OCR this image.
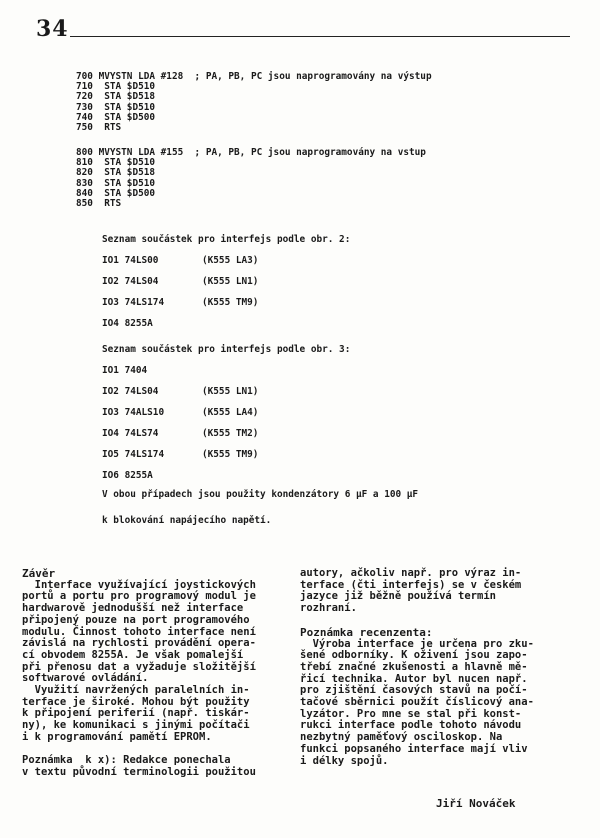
34
700 MVYSTN LDA #128  ; PA, PB, PC jsou naprogramovány na výstup
710  STA $D510
720  STA $D518
730  STA $D510
740  STA $D500
750  RTS
800 MVYSTN LDA #155  ; PA, PB, PC jsou naprogramovány na vstup
810  STA $D510
820  STA $D518
830  STA $D510
840  STA $D500
850  RTS
Seznam součástek pro interfejs podle obr. 2:
IO1 74LS00	(K555 LA3)
IO2 74LS04	(K555 LN1)
IO3 74LS174	(K555 TM9)
IO4 8255A
Seznam součástek pro interfejs podle obr. 3:
IO1 7404
IO2 74LS04	(K555 LN1)
IO3 74ALS10	(K555 LA4)
IO4 74LS74	(K555 TM2)
IO5 74LS174	(K555 TM9)
IO6 8255A
V obou případech jsou použity kondenzátory 6 µF a 100 µF
k blokování napájecího napětí.
Závěr
Interface využívající joystickových
portů a portu pro programový modul je
hardwarově jednodušší než interface
připojený pouze na port programového
modulu. Činnost tohoto interface není
závislá na rychlosti provádění opera-
cí obvodem 8255A. Je však pomalejší
při přenosu dat a vyžaduje složitější
softwarové ovládání.
Využití navržených paralelních in-
terface je široké. Mohou být použity
k připojení periferií (např. tiskár-
ny), ke komunikaci s jinými počítači
i k programování pamětí EPROM.

Poznámka  k x): Redakce ponechala
v textu původní terminologii použitou
autory, ačkoliv např. pro výraz in-
terface (čti interfejs) se v českém
jazyce již běžně používá termín
rozhraní.
Poznámka recenzenta:
Výroba interface je určena pro zku-
šené odborníky. K oživení jsou zapo-
třebí značné zkušenosti a hlavně mě-
řicí technika. Autor byl nucen např.
pro zjištění časových stavů na počí-
tačové sběrnici použít číslicový ana-
lyzátor. Pro mne se stal při konst-
rukci interface podle tohoto návodu
nezbytný paměťový osciloskop. Na
funkci popsaného interface mají vliv
i délky spojů.
Jiří Nováček
